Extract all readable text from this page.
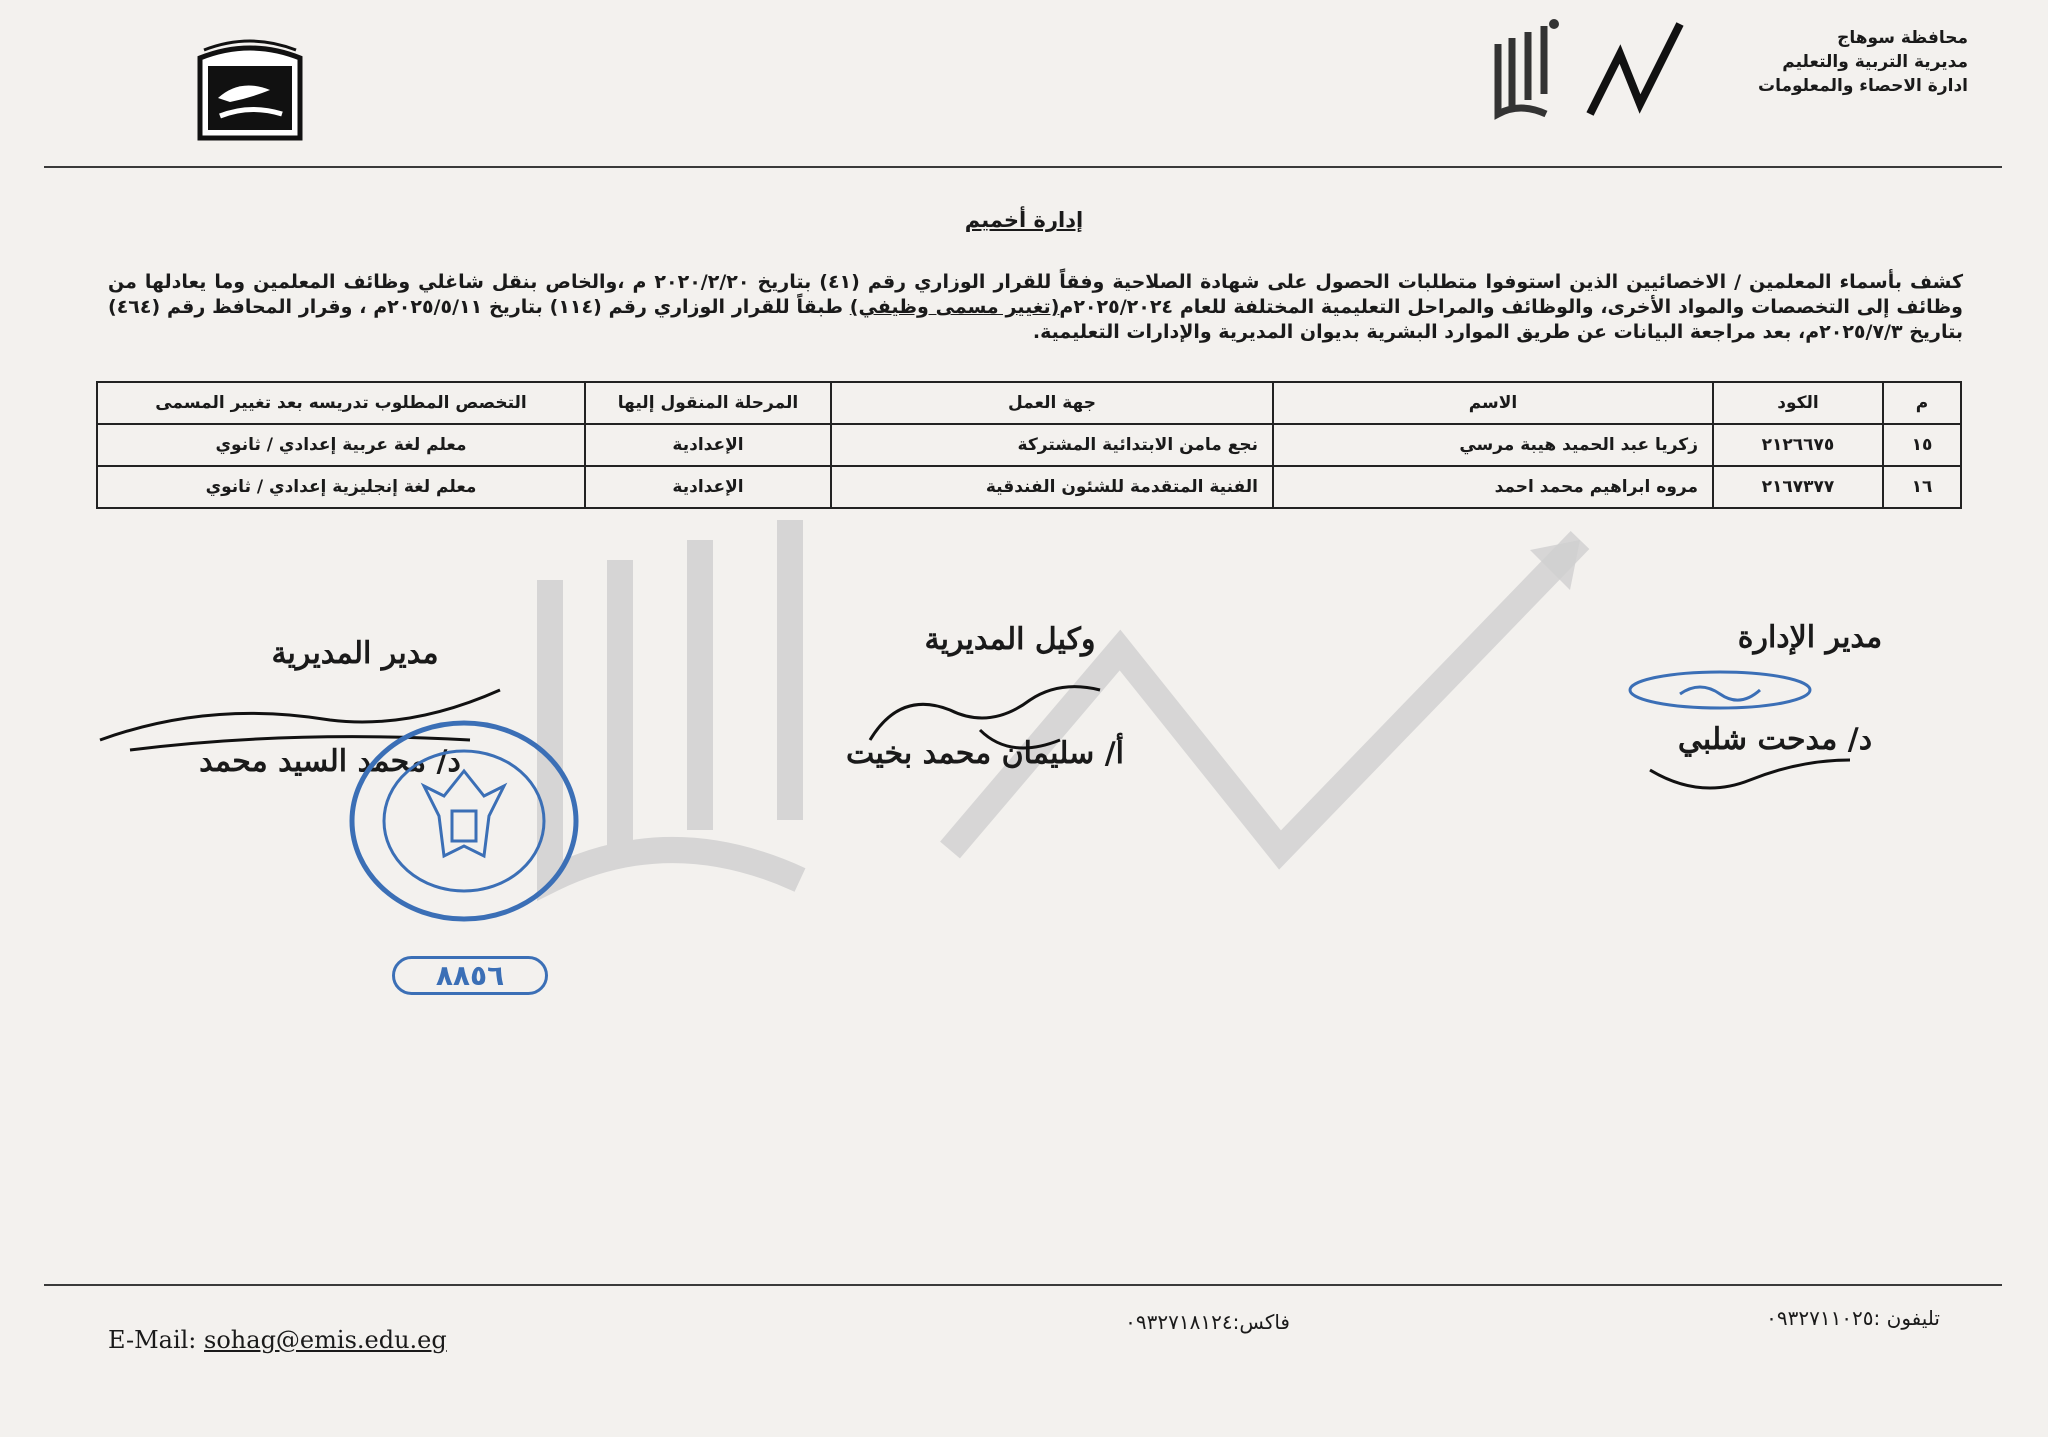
محافظة سوهاج
مديرية التربية والتعليم
ادارة الاحصاء والمعلومات
إدارة أخميم
كشف بأسماء المعلمين / الاخصائيين الذين استوفوا متطلبات الحصول على شهادة الصلاحية وفقاً للقرار الوزاري رقم (٤١) بتاريخ ٢٠٢٠/٢/٢٠ م ،والخاص بنقل شاغلي وظائف المعلمين وما يعادلها من وظائف إلى التخصصات والمواد الأخرى، والوظائف والمراحل التعليمية المختلفة للعام ٢٠٢٥/٢٠٢٤م(تغيير مسمى وظيفي) طبقاً للقرار الوزاري رقم (١١٤) بتاريخ ٢٠٢٥/٥/١١م ، وقرار المحافظ رقم (٤٦٤) بتاريخ ٢٠٢٥/٧/٣م، بعد مراجعة البيانات عن طريق الموارد البشرية بديوان المديرية والإدارات التعليمية.
م	الكود	الاسم	جهة العمل	المرحلة المنقول إليها	التخصص المطلوب تدريسه بعد تغيير المسمى
١٥	٢١٢٦٦٧٥	زكريا عبد الحميد هيبة مرسي	نجع مامن الابتدائية المشتركة	الإعدادية	معلم لغة عربية إعدادي / ثانوي
١٦	٢١٦٧٣٧٧	مروه ابراهيم محمد احمد	الفنية المتقدمة للشئون الفندقية	الإعدادية	معلم لغة إنجليزية إعدادي / ثانوي
مدير الإدارة
د/ مدحت شلبي
وكيل المديرية
أ/ سليمان محمد بخيت
مدير المديرية
د/ محمد السيد محمد
٨٨٥٦
تليفون :٠٩٣٢٧١١٠٢٥
فاكس:٠٩٣٢٧١٨١٢٤
E-Mail: sohag@emis.edu.eg
